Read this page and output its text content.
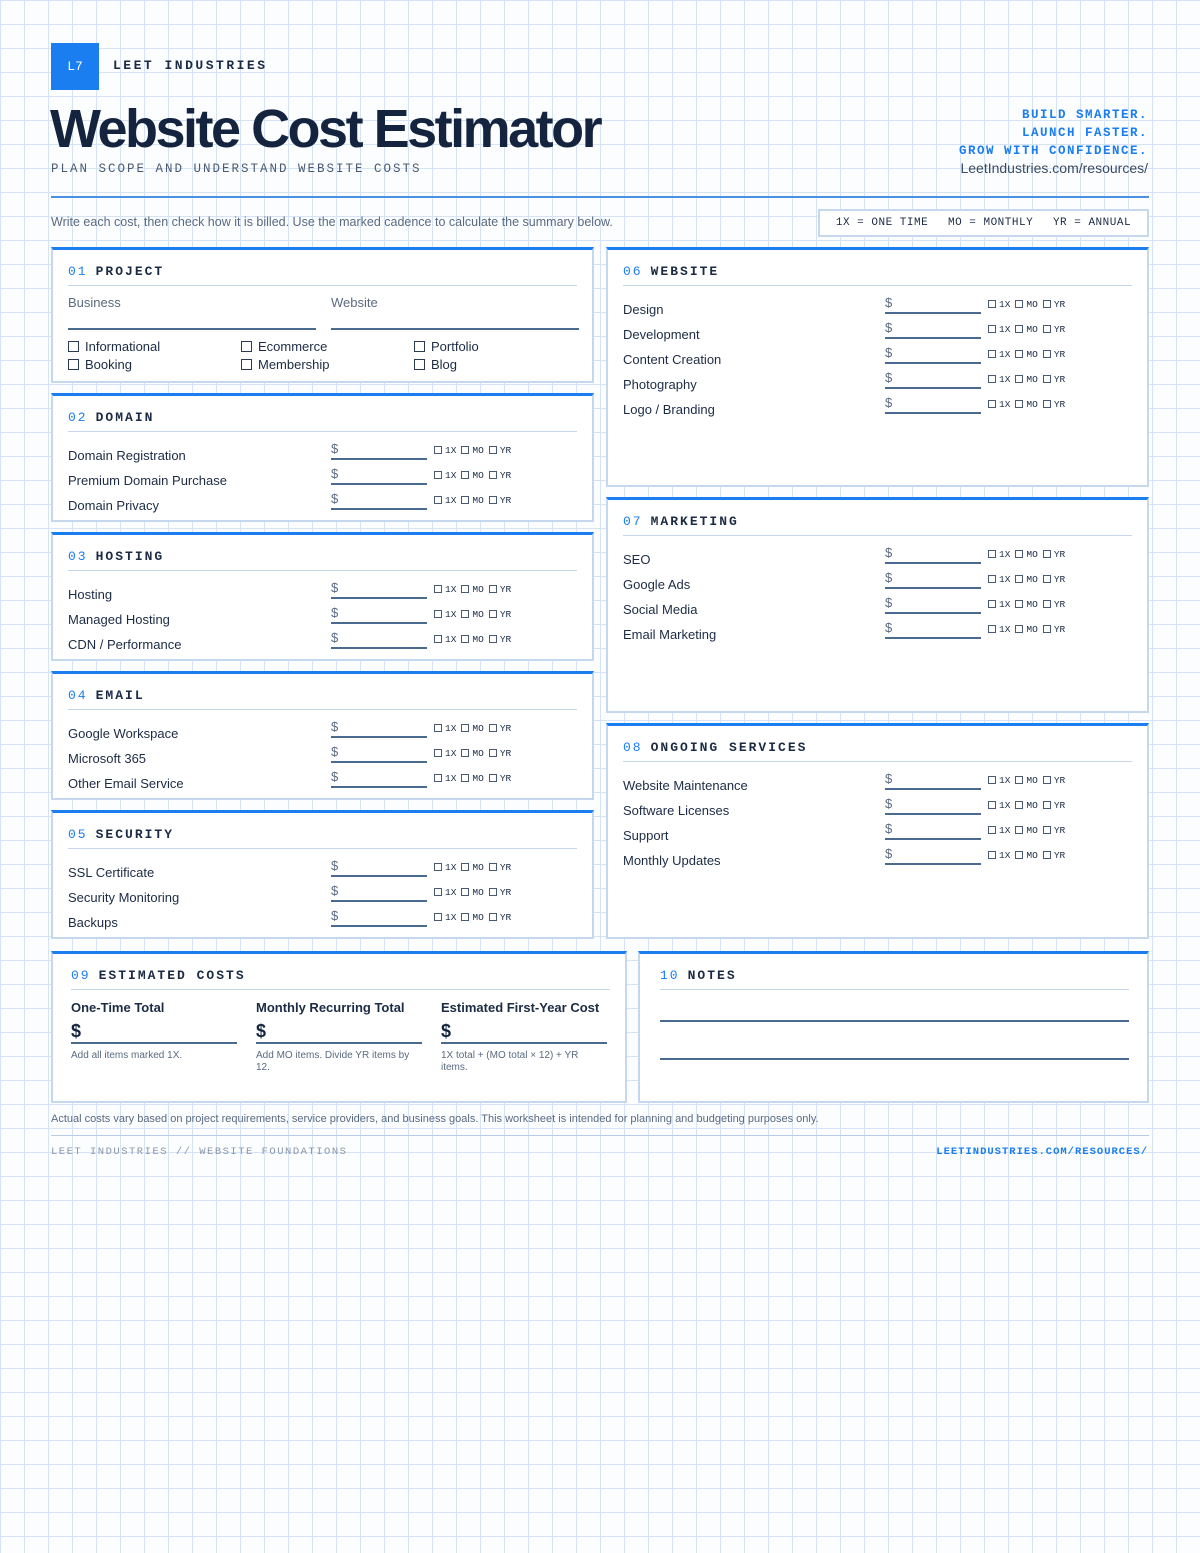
L7	LEET INDUSTRIES
Website Cost Estimator
PLAN SCOPE AND UNDERSTAND WEBSITE COSTS
BUILD SMARTER.
LAUNCH FASTER.
GROW WITH CONFIDENCE.
LeetIndustries.com/resources/
Write each cost, then check how it is billed. Use the marked cadence to calculate the summary below.	1X = ONE TIME MO = MONTHLY YR = ANNUAL
01 PROJECT
Business	Website
Informational	Ecommerce	Portfolio
Booking	Membership	Blog
02 DOMAIN
Domain Registration	$	1X MO YR
Premium Domain Purchase	$	1X MO YR
Domain Privacy	$	1X MO YR
03 HOSTING
Hosting	$	1X MO YR
Managed Hosting	$	1X MO YR
CDN / Performance	$	1X MO YR
04 EMAIL
Google Workspace	$	1X MO YR
Microsoft 365	$	1X MO YR
Other Email Service	$	1X MO YR
05 SECURITY
SSL Certificate	$	1X MO YR
Security Monitoring	$	1X MO YR
Backups	$	1X MO YR
06 WEBSITE
Design	$	1X MO YR
Development	$	1X MO YR
Content Creation	$	1X MO YR
Photography	$	1X MO YR
Logo / Branding	$	1X MO YR
07 MARKETING
SEO	$	1X MO YR
Google Ads	$	1X MO YR
Social Media	$	1X MO YR
Email Marketing	$	1X MO YR
08 ONGOING SERVICES
Website Maintenance	$	1X MO YR
Software Licenses	$	1X MO YR
Support	$	1X MO YR
Monthly Updates	$	1X MO YR
09 ESTIMATED COSTS
One-Time Total
$
Add all items marked 1X.
Monthly Recurring Total
$
Add MO items. Divide YR items by 12.
Estimated First-Year Cost
$
1X total + (MO total × 12) + YR items.
10 NOTES
Actual costs vary based on project requirements, service providers, and business goals. This worksheet is intended for planning and budgeting purposes only.
LEET INDUSTRIES // WEBSITE FOUNDATIONS	LEETINDUSTRIES.COM/RESOURCES/
